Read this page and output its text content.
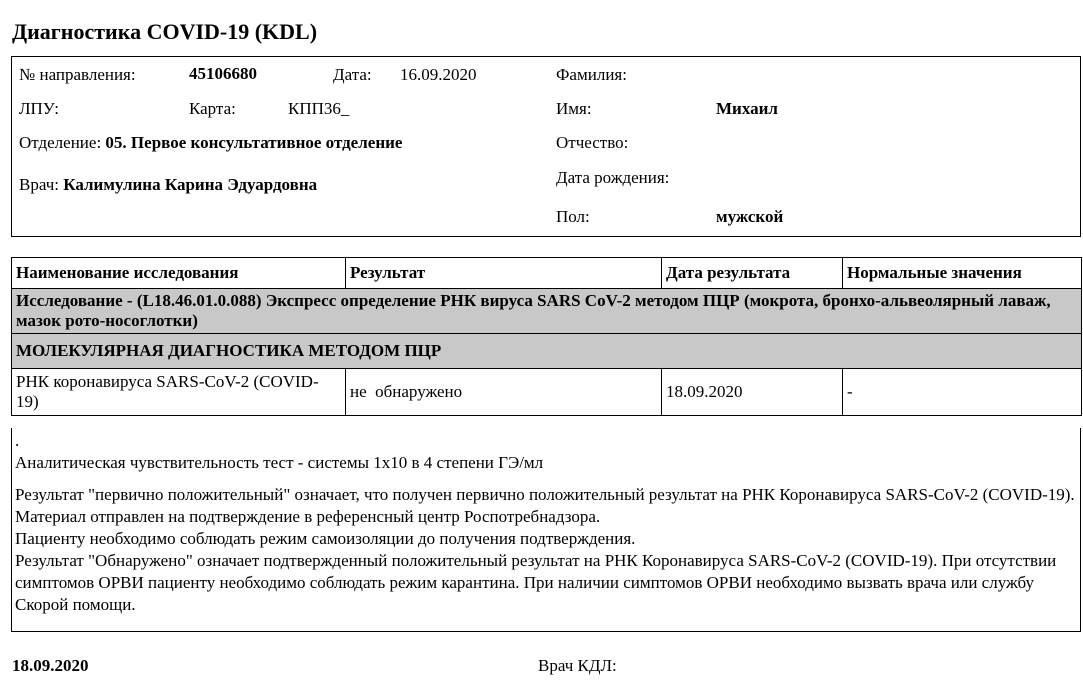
Диагностика COVID-19 (KDL)
№ направления:	45106680	Дата: 16.09.2020
ЛПУ:	Карта:	КПП36_
Отделение: 05. Первое консультативное отделение
Врач: Калимулина Карина Эдуардовна
Фамилия:
Имя:	Михаил
Отчество:
Дата рождения:
Пол:	мужской
Наименование исследования	Результат	Дата результата	Нормальные значения
Исследование - (L18.46.01.0.088) Экспресс определение РНК вируса SARS CoV-2 методом ПЦР (мокрота, бронхо-альвеолярный лаваж, мазок рото-носоглотки)			
МОЛЕКУЛЯРНАЯ ДИАГНОСТИКА МЕТОДОМ ПЦР			
РНК коронавируса SARS-CoV-2 (COVID-19)	не  обнаружено	18.09.2020	-
.
Аналитическая чувствительность тест - системы 1х10 в 4 степени ГЭ/мл
Результат "первично положительный" означает, что получен первично положительный результат на РНК Коронавируса SARS-CoV-2 (COVID-19). Материал отправлен на подтверждение в референсный центр Роспотребнадзора.
Пациенту необходимо соблюдать режим самоизоляции до получения подтверждения.
Результат "Обнаружено" означает подтвержденный положительный результат на РНК Коронавируса SARS-CoV-2 (COVID-19). При отсутствии симптомов ОРВИ пациенту необходимо соблюдать режим карантина. При наличии симптомов ОРВИ необходимо вызвать врача или службу Скорой помощи.
18.09.2020	Врач КДЛ:
